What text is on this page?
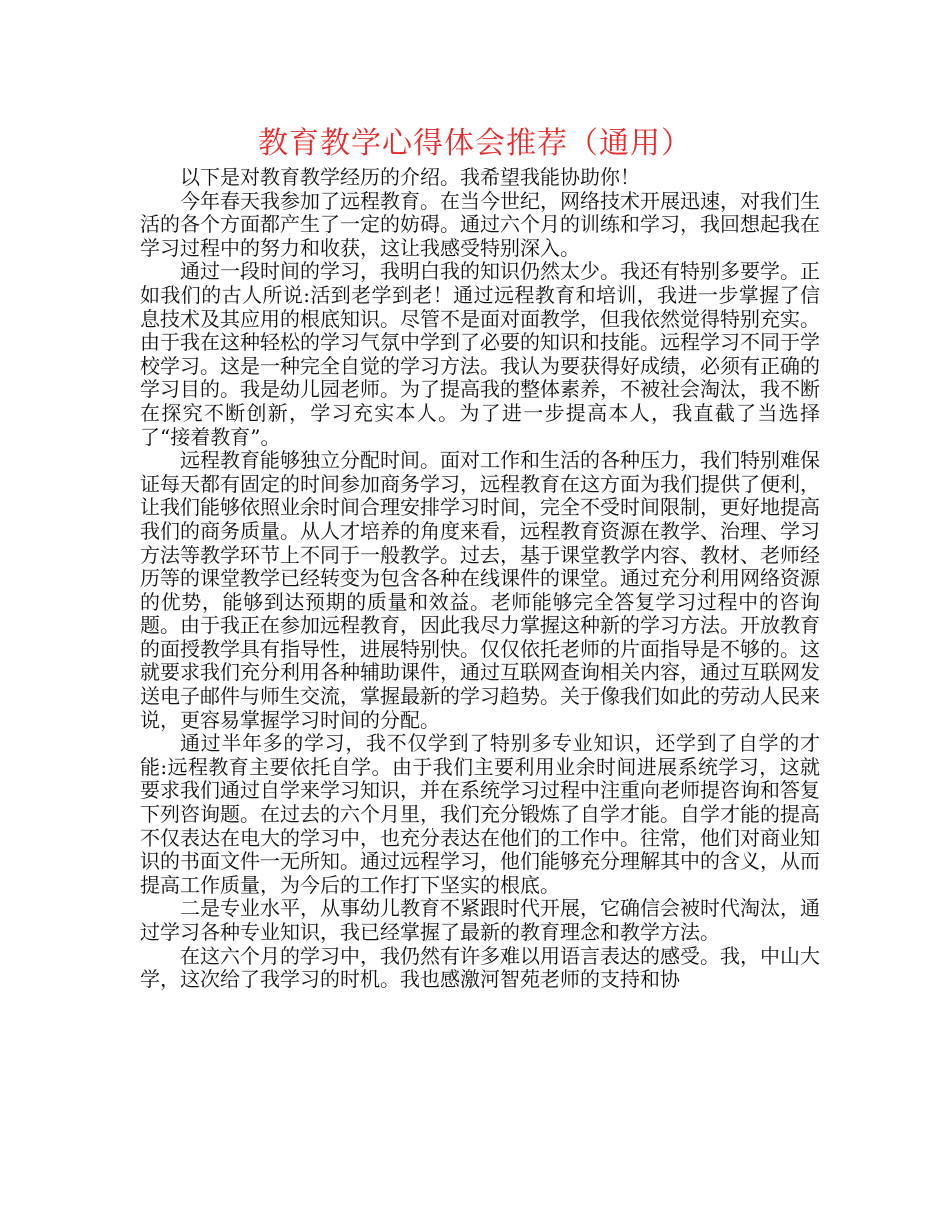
教育教学心得体会推荐（通用）

以下是对教育教学经历的介绍。我希望我能协助你！

今年春天我参加了远程教育。在当今世纪，网络技术开展迅速，对我们生活的各个方面都产生了一定的妨碍。通过六个月的训练和学习，我回想起我在学习过程中的努力和收获，这让我感受特别深入。

通过一段时间的学习，我明白我的知识仍然太少。我还有特别多要学。正如我们的古人所说:活到老学到老！通过远程教育和培训，我进一步掌握了信息技术及其应用的根底知识。尽管不是面对面教学，但我依然觉得特别充实。由于我在这种轻松的学习气氛中学到了必要的知识和技能。远程学习不同于学校学习。这是一种完全自觉的学习方法。我认为要获得好成绩，必须有正确的学习目的。我是幼儿园老师。为了提高我的整体素养，不被社会淘汰，我不断在探究不断创新，学习充实本人。为了进一步提高本人，我直截了当选择了“接着教育”。

远程教育能够独立分配时间。面对工作和生活的各种压力，我们特别难保证每天都有固定的时间参加商务学习，远程教育在这方面为我们提供了便利，让我们能够依照业余时间合理安排学习时间，完全不受时间限制，更好地提高我们的商务质量。从人才培养的角度来看，远程教育资源在教学、治理、学习方法等教学环节上不同于一般教学。过去，基于课堂教学内容、教材、老师经历等的课堂教学已经转变为包含各种在线课件的课堂。通过充分利用网络资源的优势，能够到达预期的质量和效益。老师能够完全答复学习过程中的咨询题。由于我正在参加远程教育，因此我尽力掌握这种新的学习方法。开放教育的面授教学具有指导性，进展特别快。仅仅依托老师的片面指导是不够的。这就要求我们充分利用各种辅助课件，通过互联网查询相关内容，通过互联网发送电子邮件与师生交流，掌握最新的学习趋势。关于像我们如此的劳动人民来说，更容易掌握学习时间的分配。

通过半年多的学习，我不仅学到了特别多专业知识，还学到了自学的才能:远程教育主要依托自学。由于我们主要利用业余时间进展系统学习，这就要求我们通过自学来学习知识，并在系统学习过程中注重向老师提咨询和答复下列咨询题。在过去的六个月里，我们充分锻炼了自学才能。自学才能的提高不仅表达在电大的学习中，也充分表达在他们的工作中。往常，他们对商业知识的书面文件一无所知。通过远程学习，他们能够充分理解其中的含义，从而提高工作质量，为今后的工作打下坚实的根底。

二是专业水平，从事幼儿教育不紧跟时代开展，它确信会被时代淘汰，通过学习各种专业知识，我已经掌握了最新的教育理念和教学方法。

在这六个月的学习中，我仍然有许多难以用语言表达的感受。我，中山大学，这次给了我学习的时机。我也感激河智苑老师的支持和协
